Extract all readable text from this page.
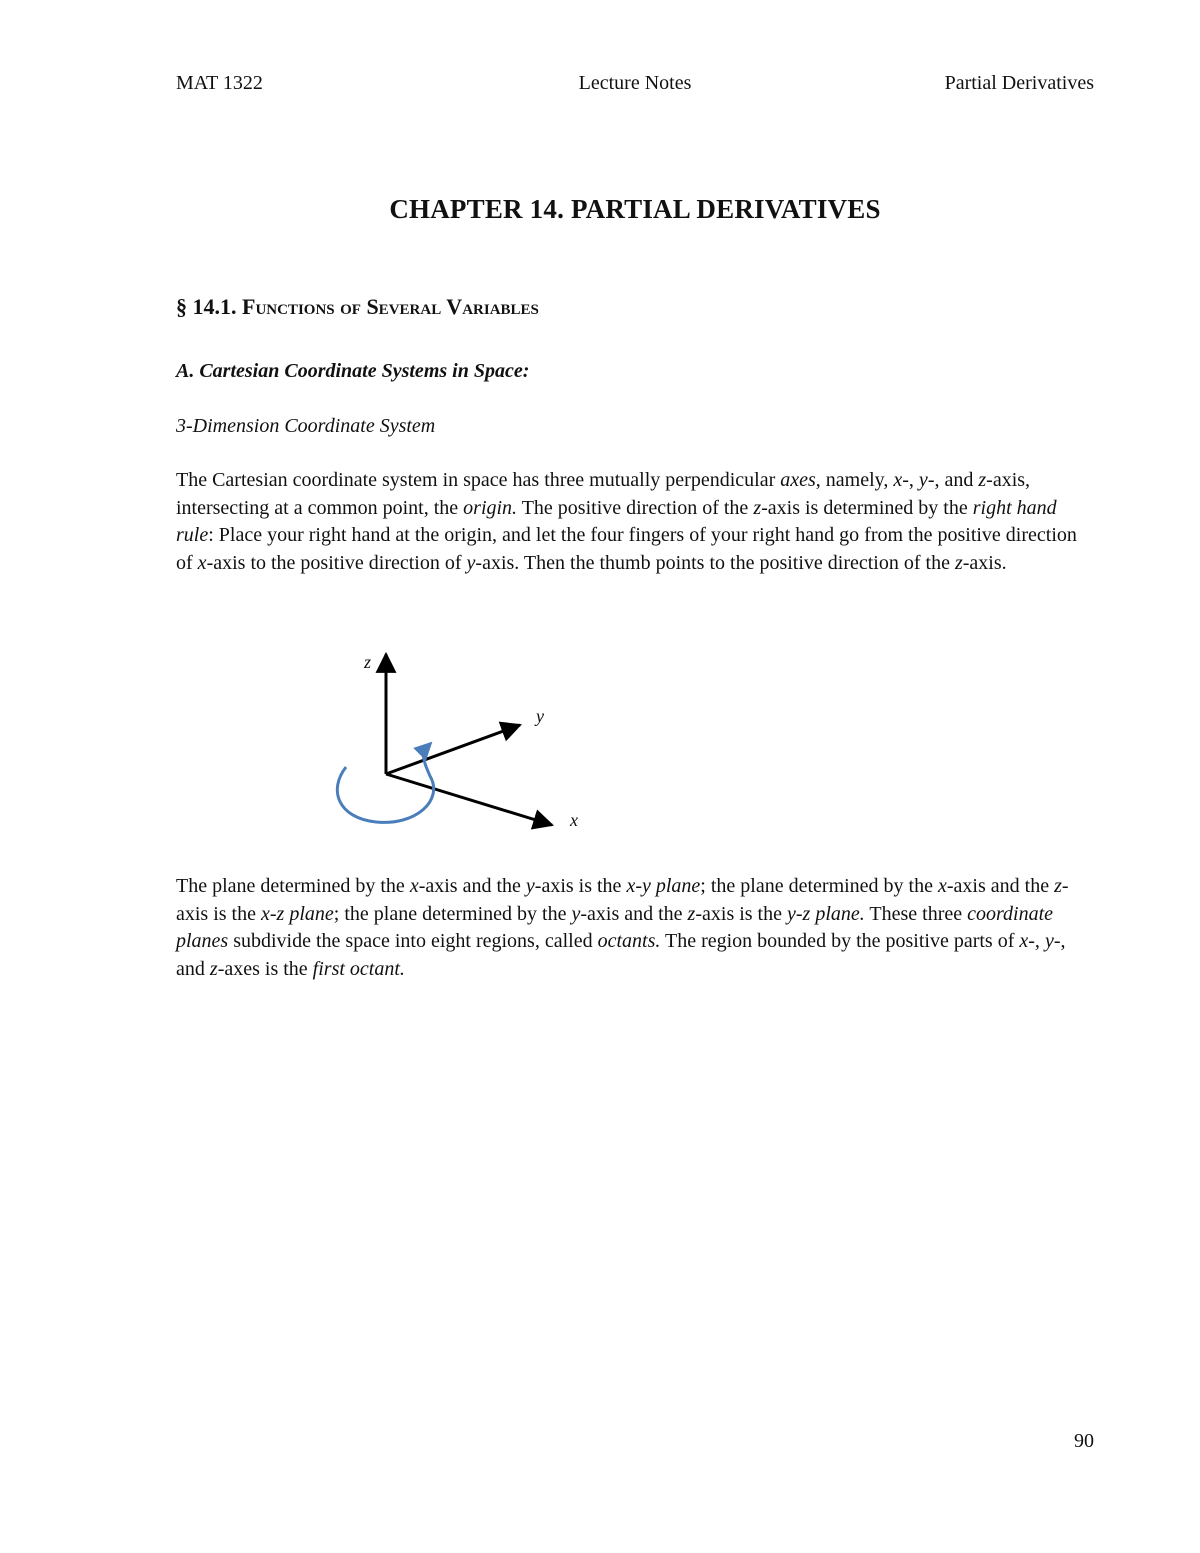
MAT 1322	Lecture Notes	Partial Derivatives
CHAPTER 14. PARTIAL DERIVATIVES
§ 14.1. Functions of Several Variables
A. Cartesian Coordinate Systems in Space:
3-Dimension Coordinate System
The Cartesian coordinate system in space has three mutually perpendicular axes, namely, x-, y-, and z-axis, intersecting at a common point, the origin. The positive direction of the z-axis is determined by the right hand rule: Place your right hand at the origin, and let the four fingers of your right hand go from the positive direction of x-axis to the positive direction of y-axis. Then the thumb points to the positive direction of the z-axis.
z
y
x
The plane determined by the x-axis and the y-axis is the x-y plane; the plane determined by the x-axis and the z-axis is the x-z plane; the plane determined by the y-axis and the z-axis is the y-z plane. These three coordinate planes subdivide the space into eight regions, called octants. The region bounded by the positive parts of x-, y-, and z-axes is the first octant.
90
